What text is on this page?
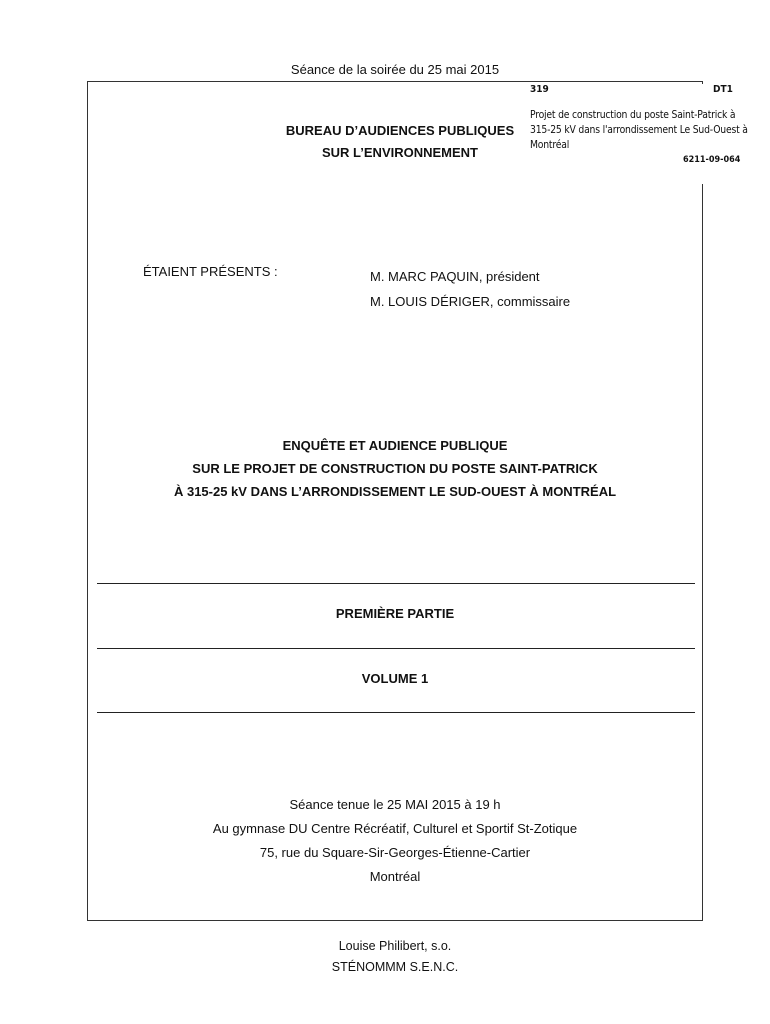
Séance de la soirée du 25 mai 2015
319	DT1
Projet de construction du poste Saint-Patrick à 315-25 kV dans l'arrondissement Le Sud-Ouest à Montréal
6211-09-064
BUREAU D’AUDIENCES PUBLIQUES
SUR L’ENVIRONNEMENT
ÉTAIENT PRÉSENTS :	M. MARC PAQUIN, président
M. LOUIS DÉRIGER, commissaire
ENQUÊTE ET AUDIENCE PUBLIQUE
SUR LE PROJET DE CONSTRUCTION DU POSTE SAINT-PATRICK
À 315-25 kV DANS L’ARRONDISSEMENT LE SUD-OUEST À MONTRÉAL
PREMIÈRE PARTIE
VOLUME 1
Séance tenue le 25 MAI 2015 à 19 h
Au gymnase DU Centre Récréatif, Culturel et Sportif St-Zotique
75, rue du Square-Sir-Georges-Étienne-Cartier
Montréal
Louise Philibert, s.o.
STÉNOMMM S.E.N.C.
